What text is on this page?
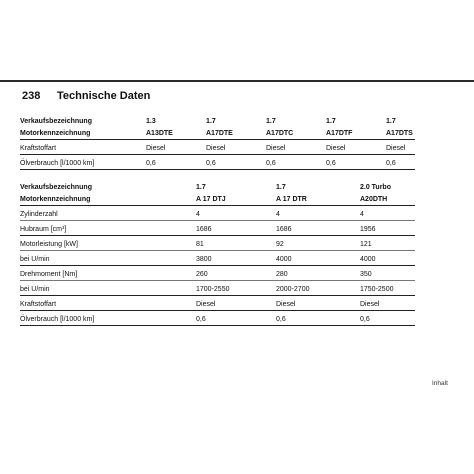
238 Technische Daten
Verkaufsbezeichnung	1.3	1.7	1.7	1.7	1.7
Motorkennzeichnung	A13DTE	A17DTE	A17DTC	A17DTF	A17DTS
Kraftstoffart	Diesel	Diesel	Diesel	Diesel	Diesel
Ölverbrauch [l/1000 km]	0,6	0,6	0,6	0,6	0,6
Verkaufsbezeichnung	1.7	1.7	2.0 Turbo
Motorkennzeichnung	A 17 DTJ	A 17 DTR	A20DTH
Zylinderzahl	4	4	4
Hubraum [cm³]	1686	1686	1956
Motorleistung [kW]	81	92	121
bei U/min	3800	4000	4000
Drehmoment [Nm]	260	280	350
bei U/min	1700-2550	2000-2700	1750-2500
Kraftstoffart	Diesel	Diesel	Diesel
Ölverbrauch [l/1000 km]	0,6	0,6	0,6
Inhalt
